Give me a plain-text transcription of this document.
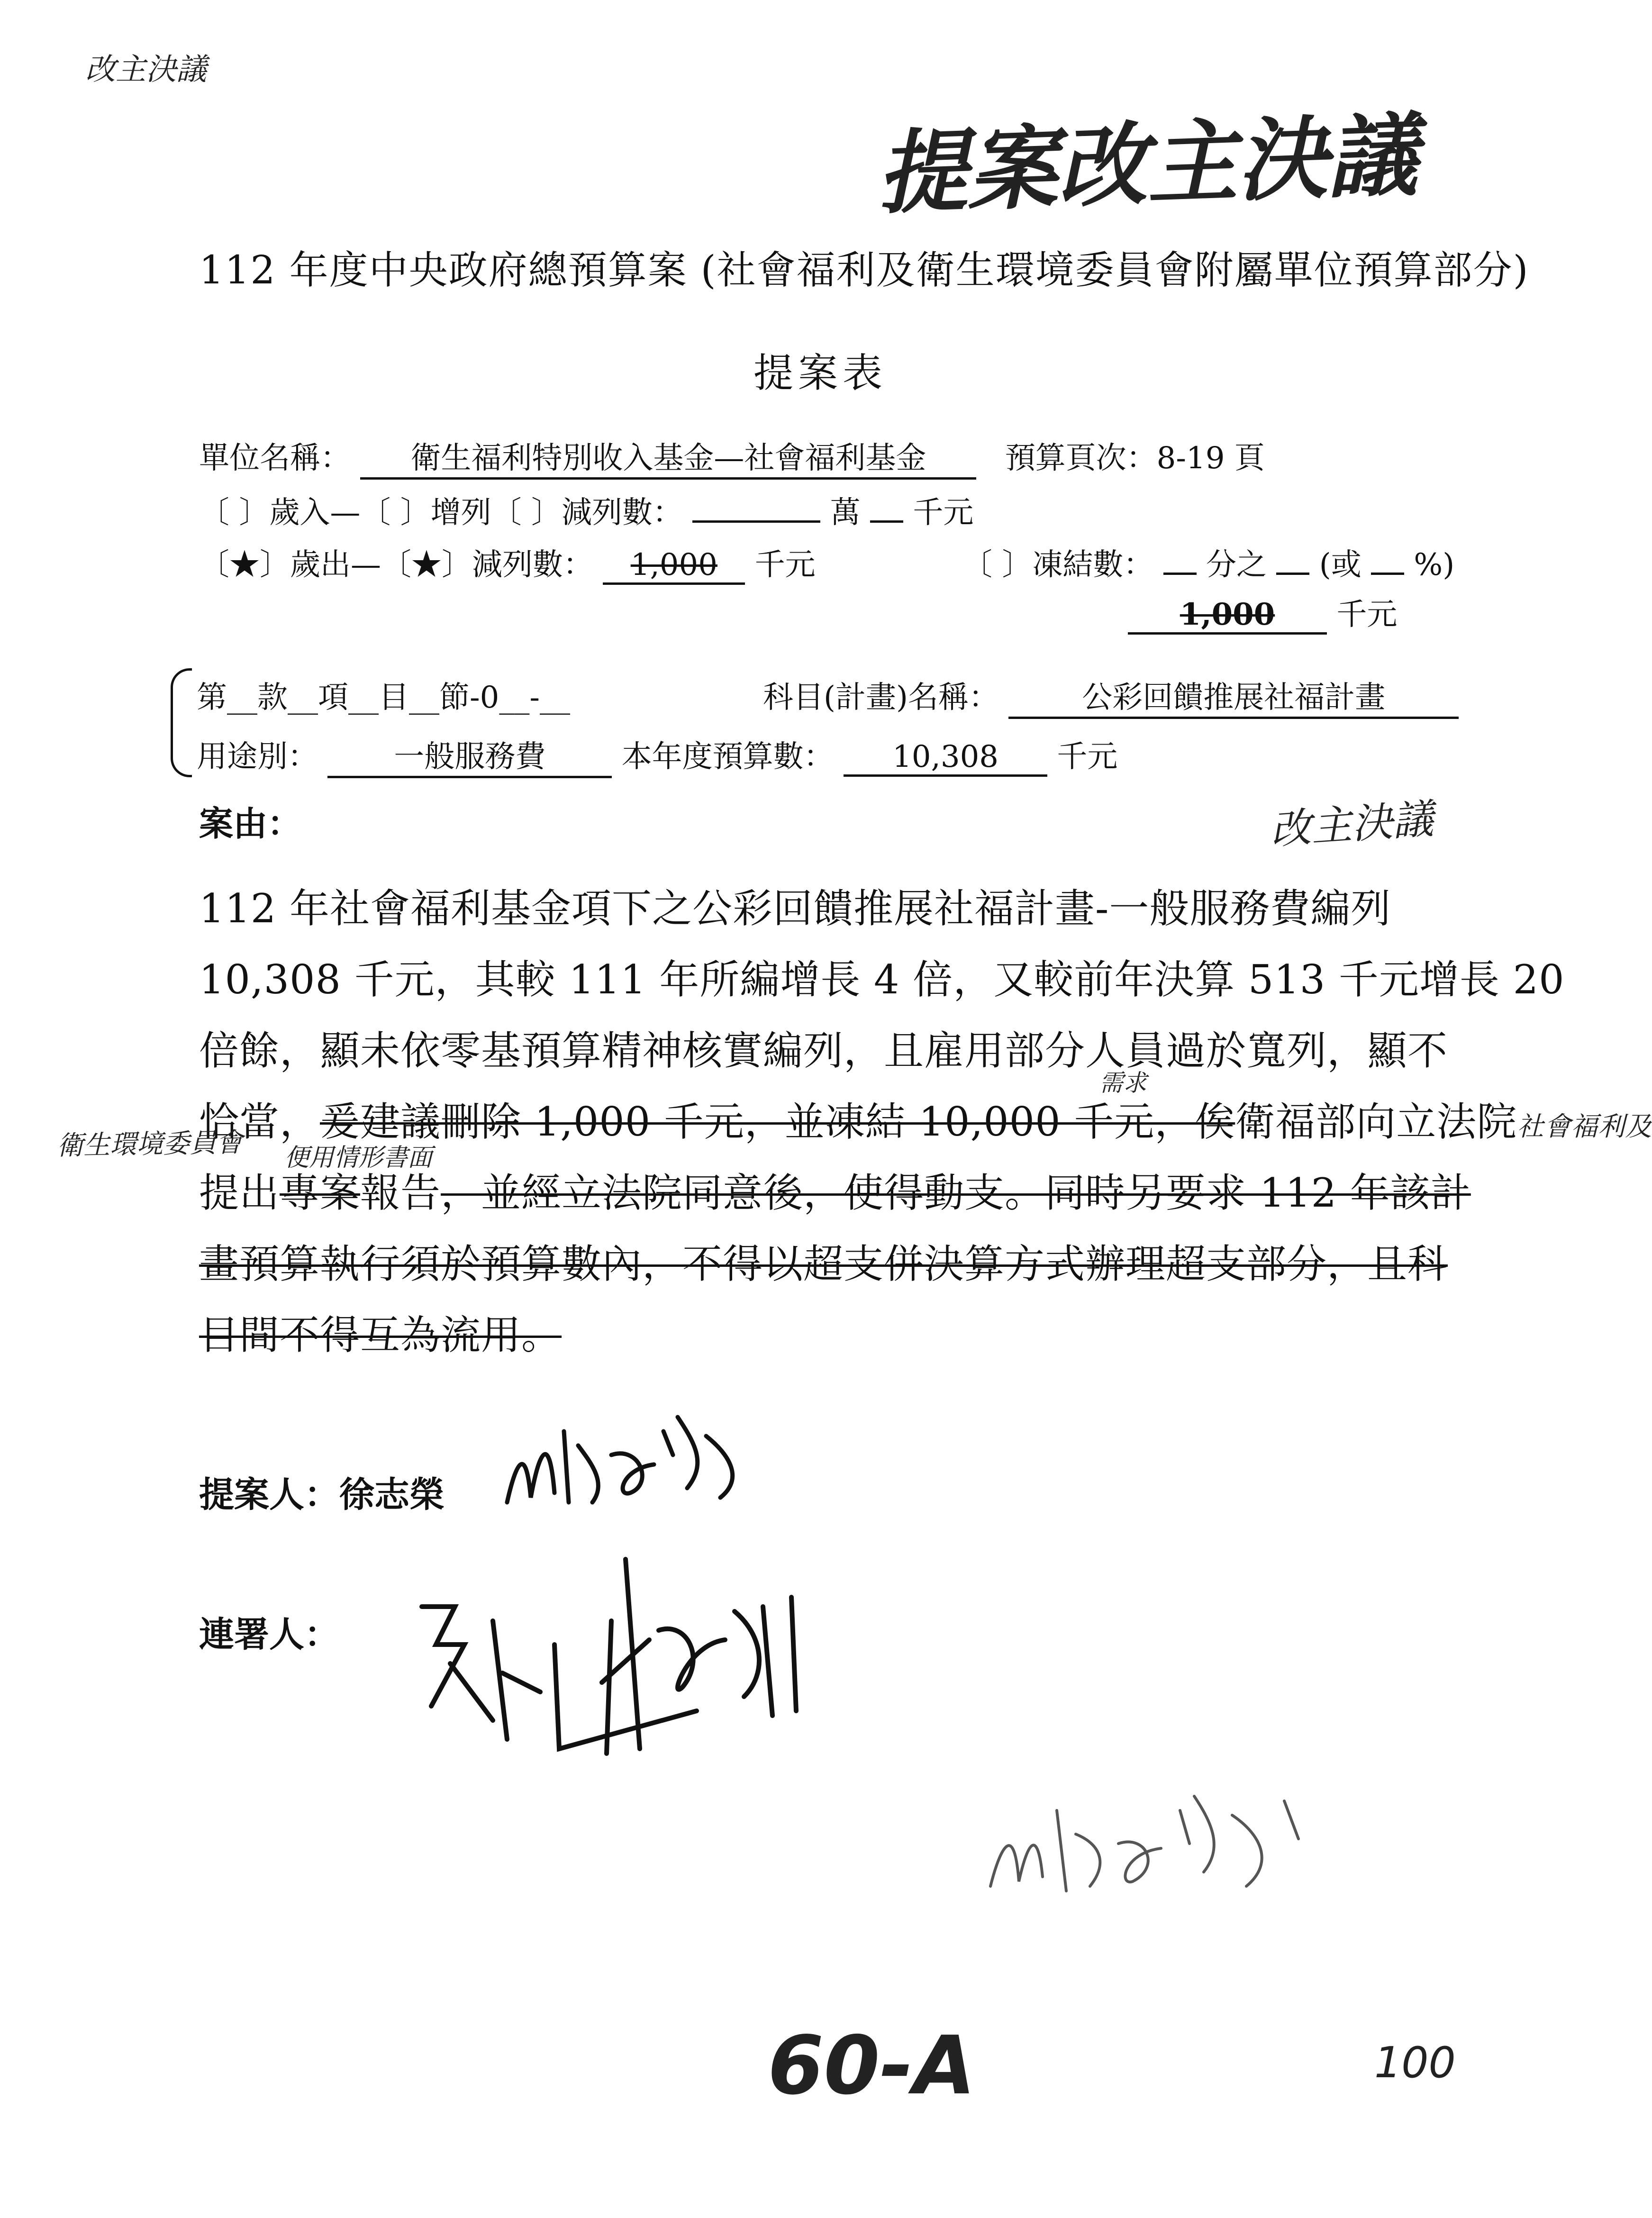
改主決議
提案改主決議
112 年度中央政府總預算案 (社會福利及衛生環境委員會附屬單位預算部分)
提案表
單位名稱： 衛生福利特別收入基金—社會福利基金	預算頁次：8-19 頁
〔 〕歲入—〔 〕增列〔 〕減列數：	萬 千元
〔★〕歲出—〔★〕減列數： 1,000 千元	〔 〕凍結數： 分之 (或 %)
1,000 千元
第__款__項__目__節-0__-__	科目(計畫)名稱：	公彩回饋推展社福計畫
用途別：	一般服務費	本年度預算數： 10,308 千元
案由：	改主決議
112 年社會福利基金項下之公彩回饋推展社福計畫-一般服務費編列
10,308 千元，其較 111 年所編增長 4 倍，又較前年決算 513 千元增長 20
倍餘，顯未依零基預算精神核實編列，且雇用部分人員過於寬列，顯不
需求
恰當，爰建議刪除 1,000 千元，並凍結 10,000 千元，俟衛福部向立法院社會福利及
衛生環境委員會 便用情形書面
提出專案報告，並經立法院同意後，使得動支。同時另要求 112 年該計
畫預算執行須於預算數內，不得以超支併決算方式辦理超支部分，且科
目間不得互為流用。
提案人：徐志榮
連署人：
60-A	100
